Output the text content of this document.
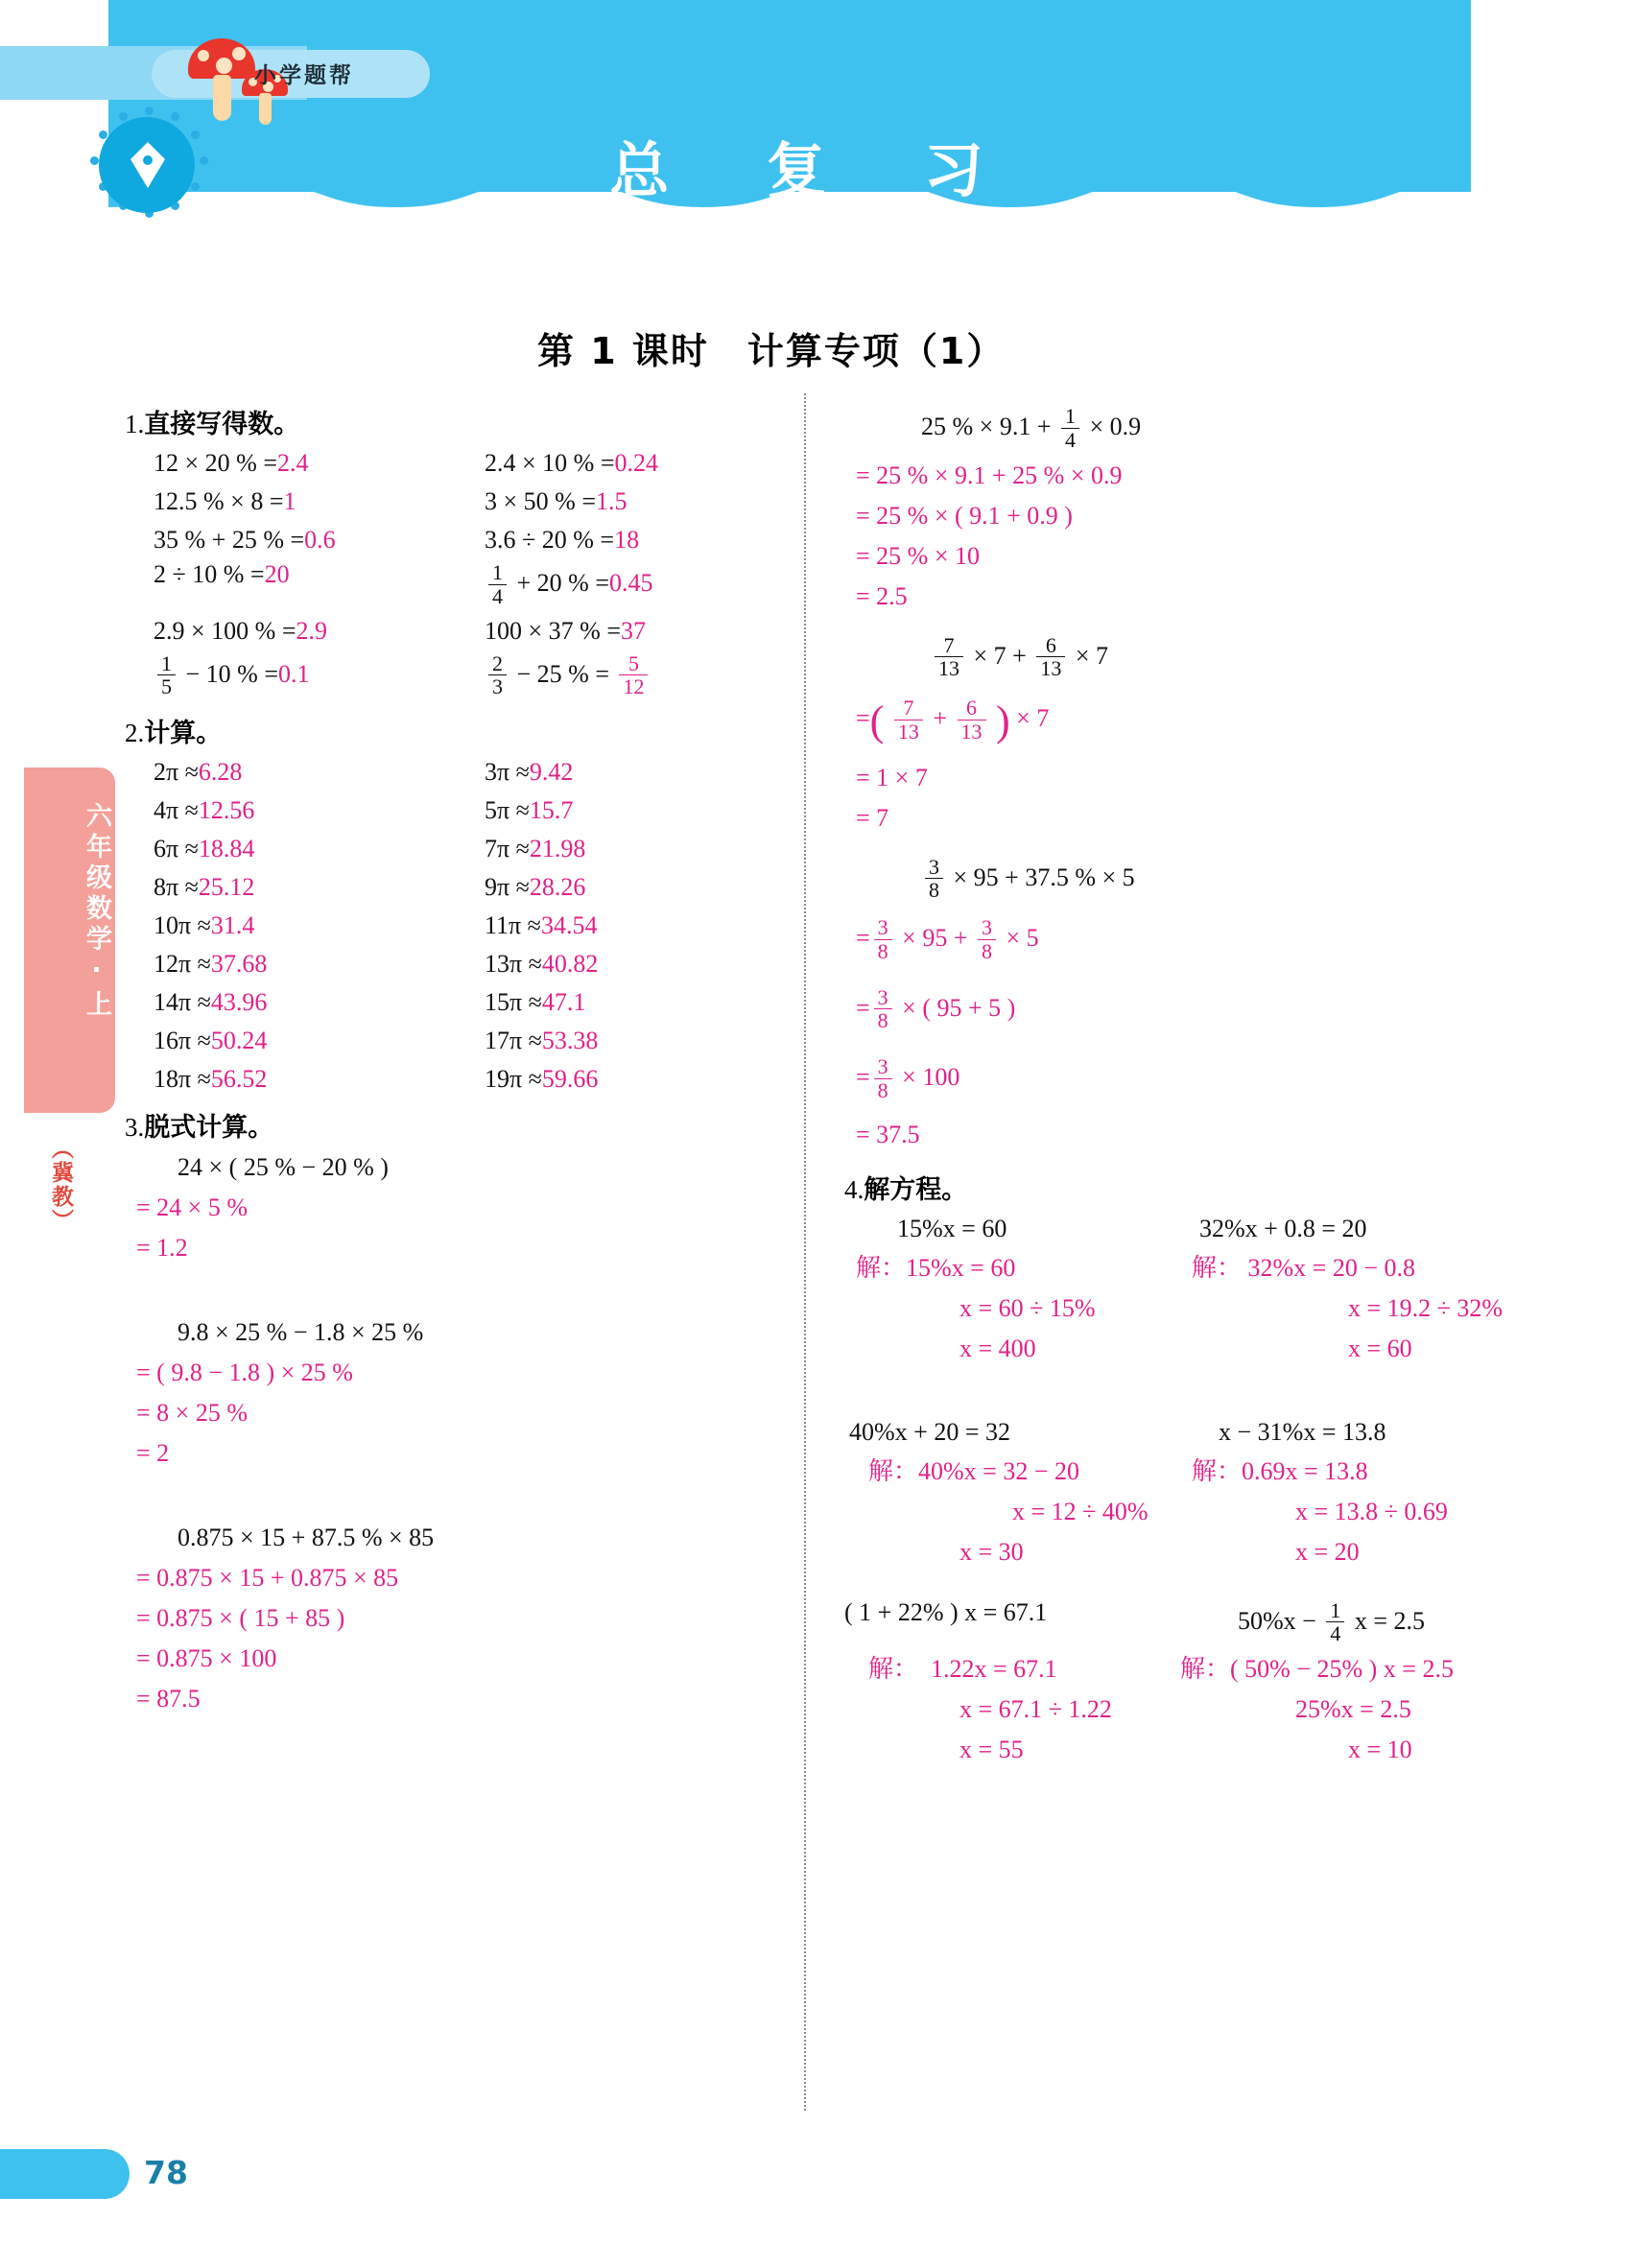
小学题帮
总 复 习
第 1 课时　计算专项（1）
六年级数学·上
（冀教）
1.直接写得数。
12 × 20 % =2.4	2.4 × 10 % =0.24
12.5 % × 8 =1	3 × 50 % =1.5
35 % + 25 % =0.6	3.6 ÷ 20 % =18
2 ÷ 10 % =20	$\frac{1}{4} + 20$ % =0.45
2.9 × 100 % =2.9	100 × 37 % =37
$\frac{1}{5} - 10$ % =0.1	$\frac{2}{3} - 25$ % = $\frac{5}{12}$
2.计算。
2π ≈6.28	3π ≈9.42
4π ≈12.56	5π ≈15.7
6π ≈18.84	7π ≈21.98
8π ≈25.12	9π ≈28.26
10π ≈31.4	11π ≈34.54
12π ≈37.68	13π ≈40.82
14π ≈43.96	15π ≈47.1
16π ≈50.24	17π ≈53.38
18π ≈56.52	19π ≈59.66
3.脱式计算。
24 × ( 25 % − 20 % )
= 24 × 5 %
= 1.2
9.8 × 25 % − 1.8 × 25 %
= ( 9.8 − 1.8 ) × 25 %
= 8 × 25 %
= 2
0.875 × 15 + 87.5 % × 85
= 0.875 × 15 + 0.875 × 85
= 0.875 × ( 15 + 85 )
= 0.875 × 100
= 87.5
25 % × $9.1 + \frac{1}{4} \times 0.9$
= 25 % × 9.1 + 25 % × 0.9
= 25 % × ( 9.1 + 0.9 )
= 25 % × 10
= 2.5
$\frac{7}{13} \times 7 + \frac{6}{13} \times 7$
=( $\frac{7}{13} + \frac{6}{13}$ ) × 7
= 1 × 7
= 7
$\frac{3}{8} \times 95 + 37.5$ % × 5
= $\frac{3}{8} \times 95 + \frac{3}{8} \times 5$
= $\frac{3}{8}$ × ( 95 + 5 )
= $\frac{3}{8} \times 100$
= 37.5
4.解方程。
15%x = 60	32%x + 0.8 = 20
解：15%x = 60
x = 60 ÷ 15%
x = 400
解： 32%x = 20 − 0.8
x = 19.2 ÷ 32%
x = 60
40%x + 20 = 32	x − 31%x = 13.8
解：40%x = 32 − 20
x = 12 ÷ 40%
x = 30
解：0.69x = 13.8
x = 13.8 ÷ 0.69
x = 20
( 1 + 22% ) x = 67.1	$50\%x - \frac{1}{4}$ x = 2.5
解： 1.22x = 67.1
x = 67.1 ÷ 1.22
x = 55
解：( 50% − 25% ) x = 2.5
25%x = 2.5
x = 10
78
